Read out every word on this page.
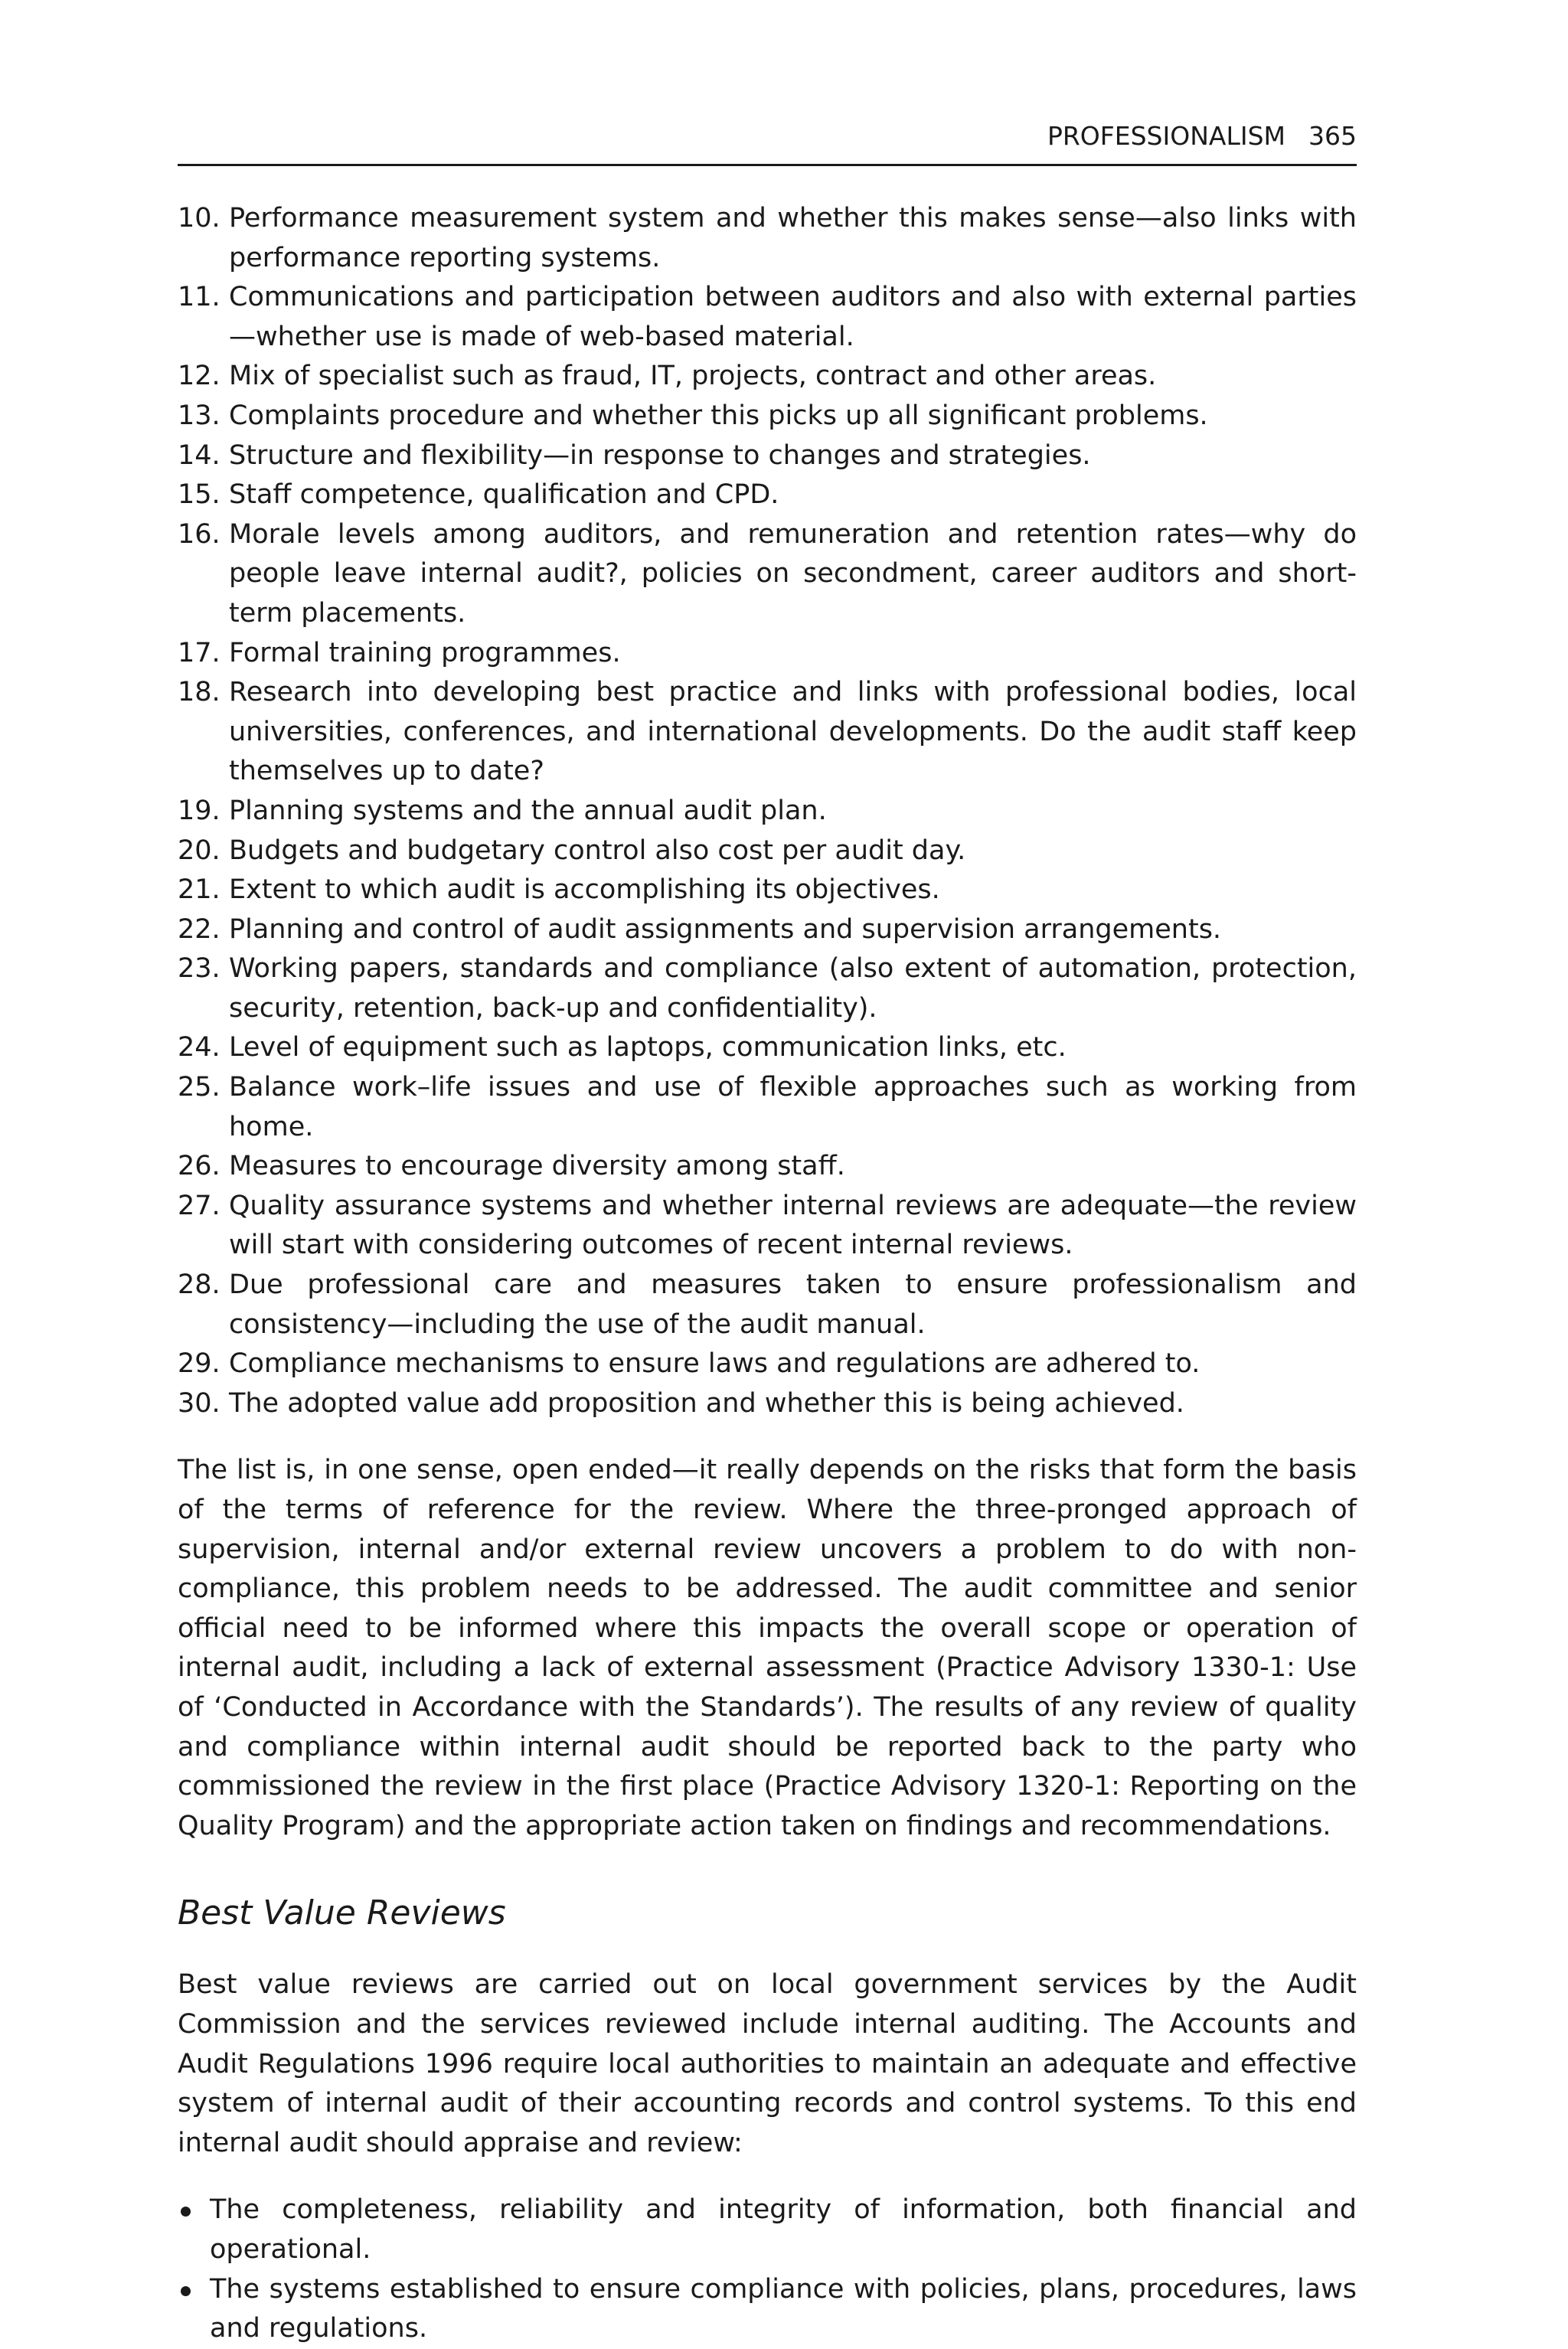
PROFESSIONALISM 365
10. Performance measurement system and whether this makes sense—also links with performance reporting systems.
11. Communications and participation between auditors and also with external parties—whether use is made of web-based material.
12. Mix of specialist such as fraud, IT, projects, contract and other areas.
13. Complaints procedure and whether this picks up all significant problems.
14. Structure and flexibility—in response to changes and strategies.
15. Staff competence, qualification and CPD.
16. Morale levels among auditors, and remuneration and retention rates—why do people leave internal audit?, policies on secondment, career auditors and short-term placements.
17. Formal training programmes.
18. Research into developing best practice and links with professional bodies, local universities, conferences, and international developments. Do the audit staff keep themselves up to date?
19. Planning systems and the annual audit plan.
20. Budgets and budgetary control also cost per audit day.
21. Extent to which audit is accomplishing its objectives.
22. Planning and control of audit assignments and supervision arrangements.
23. Working papers, standards and compliance (also extent of automation, protection, security, retention, back-up and confidentiality).
24. Level of equipment such as laptops, communication links, etc.
25. Balance work–life issues and use of flexible approaches such as working from home.
26. Measures to encourage diversity among staff.
27. Quality assurance systems and whether internal reviews are adequate—the review will start with considering outcomes of recent internal reviews.
28. Due professional care and measures taken to ensure professionalism and consistency—including the use of the audit manual.
29. Compliance mechanisms to ensure laws and regulations are adhered to.
30. The adopted value add proposition and whether this is being achieved.

The list is, in one sense, open ended—it really depends on the risks that form the basis of the terms of reference for the review. Where the three-pronged approach of supervision, internal and/or external review uncovers a problem to do with non-compliance, this problem needs to be addressed. The audit committee and senior official need to be informed where this impacts the overall scope or operation of internal audit, including a lack of external assessment (Practice Advisory 1330-1: Use of ‘Conducted in Accordance with the Standards’). The results of any review of quality and compliance within internal audit should be reported back to the party who commissioned the review in the first place (Practice Advisory 1320-1: Reporting on the Quality Program) and the appropriate action taken on findings and recommendations.

Best Value Reviews

Best value reviews are carried out on local government services by the Audit Commission and the services reviewed include internal auditing. The Accounts and Audit Regulations 1996 require local authorities to maintain an adequate and effective system of internal audit of their accounting records and control systems. To this end internal audit should appraise and review:

The completeness, reliability and integrity of information, both financial and operational.
The systems established to ensure compliance with policies, plans, procedures, laws and regulations.
